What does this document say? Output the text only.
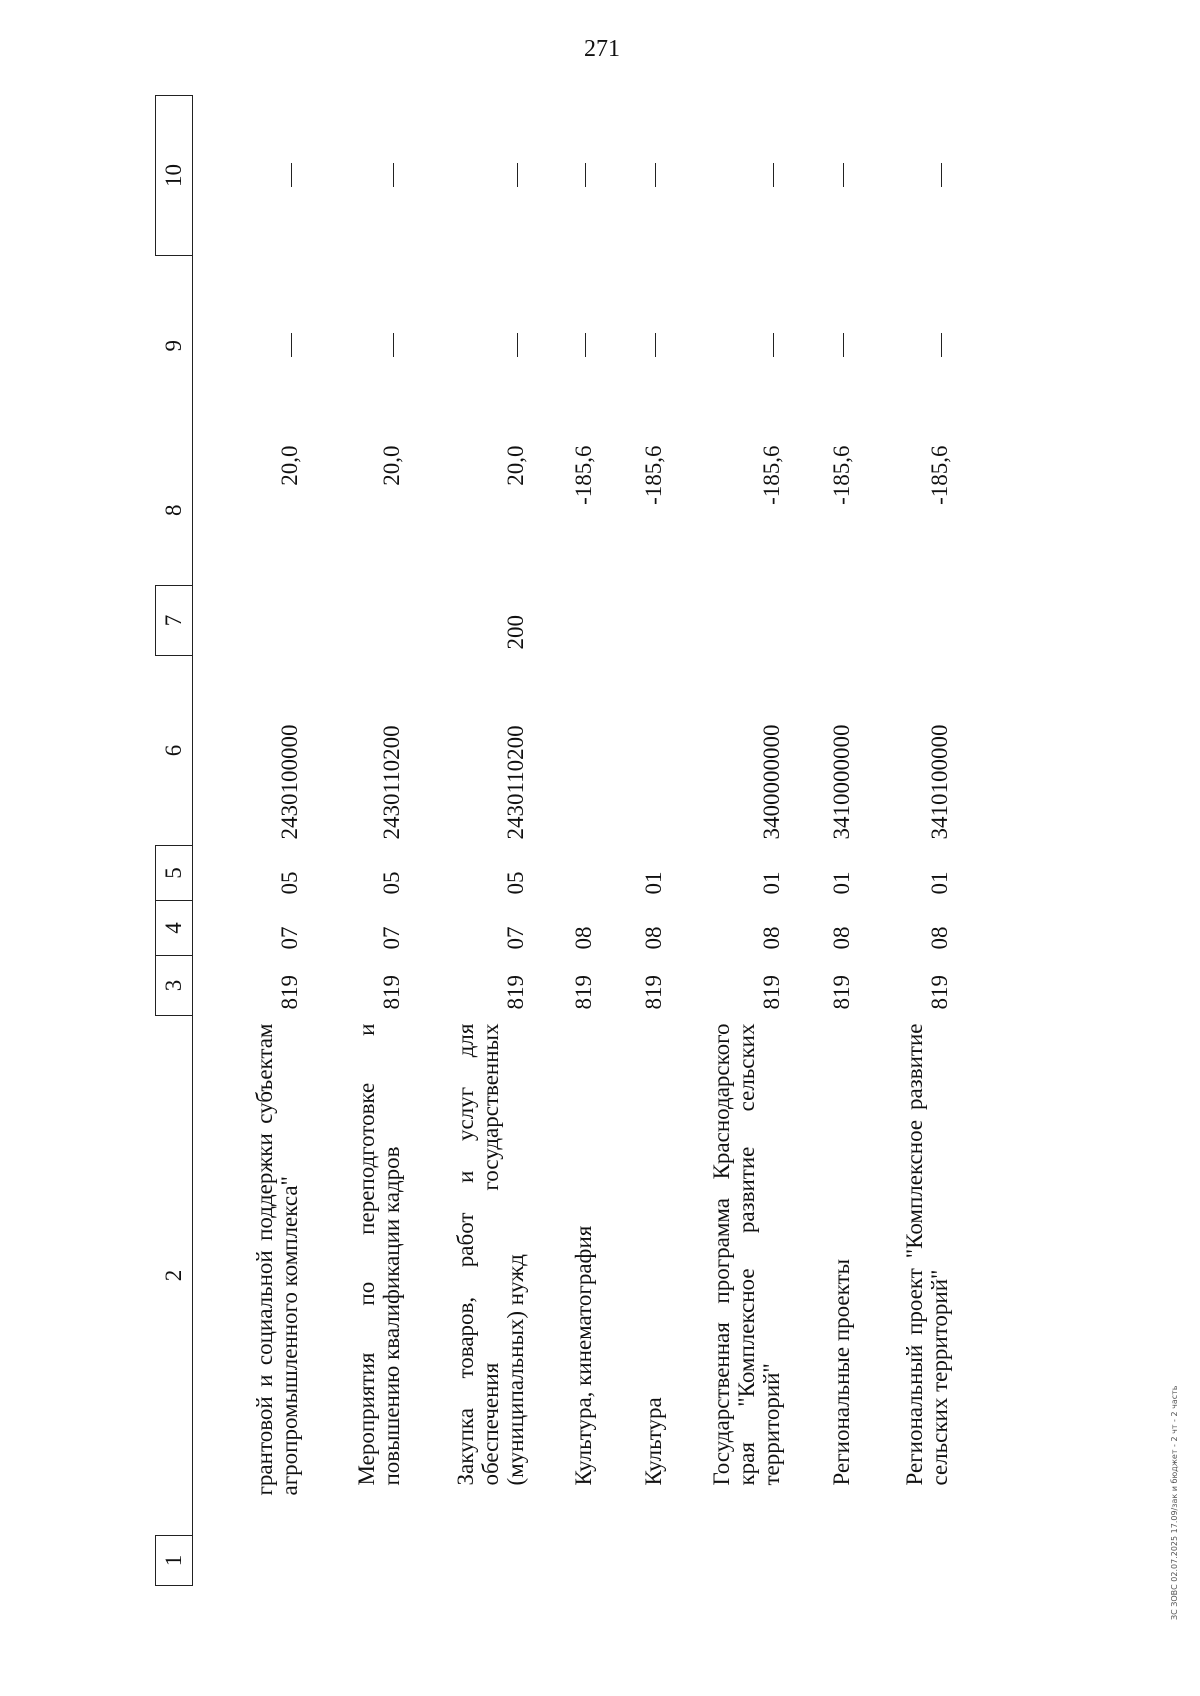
271
1	2	3	4	5	6	7	8	9	10
	грантовой и социальной поддержки субъектам агропромышленного комплекса"	819	07	05	2430100000		20,0		
	Мероприятия по переподготовке и повышению квалификации кадров	819	07	05	2430110200		20,0		
	Закупка товаров, работ и услуг для обеспечения государственных (муниципальных) нужд	819	07	05	2430110200	200	20,0		
	Культура, кинематография	819	08				-185,6		
	Культура	819	08	01			-185,6		
	Государственная программа Краснодарского края "Комплексное развитие сельских территорий"	819	08	01	3400000000		-185,6		
	Региональные проекты	819	08	01	3410000000		-185,6		
	Региональный проект "Комплексное развитие сельских территорий"	819	08	01	3410100000		-185,6		
ЗС ЗОВС 02.07.2025 17.09/зак и бюджет - 2 чт - 2 часть
